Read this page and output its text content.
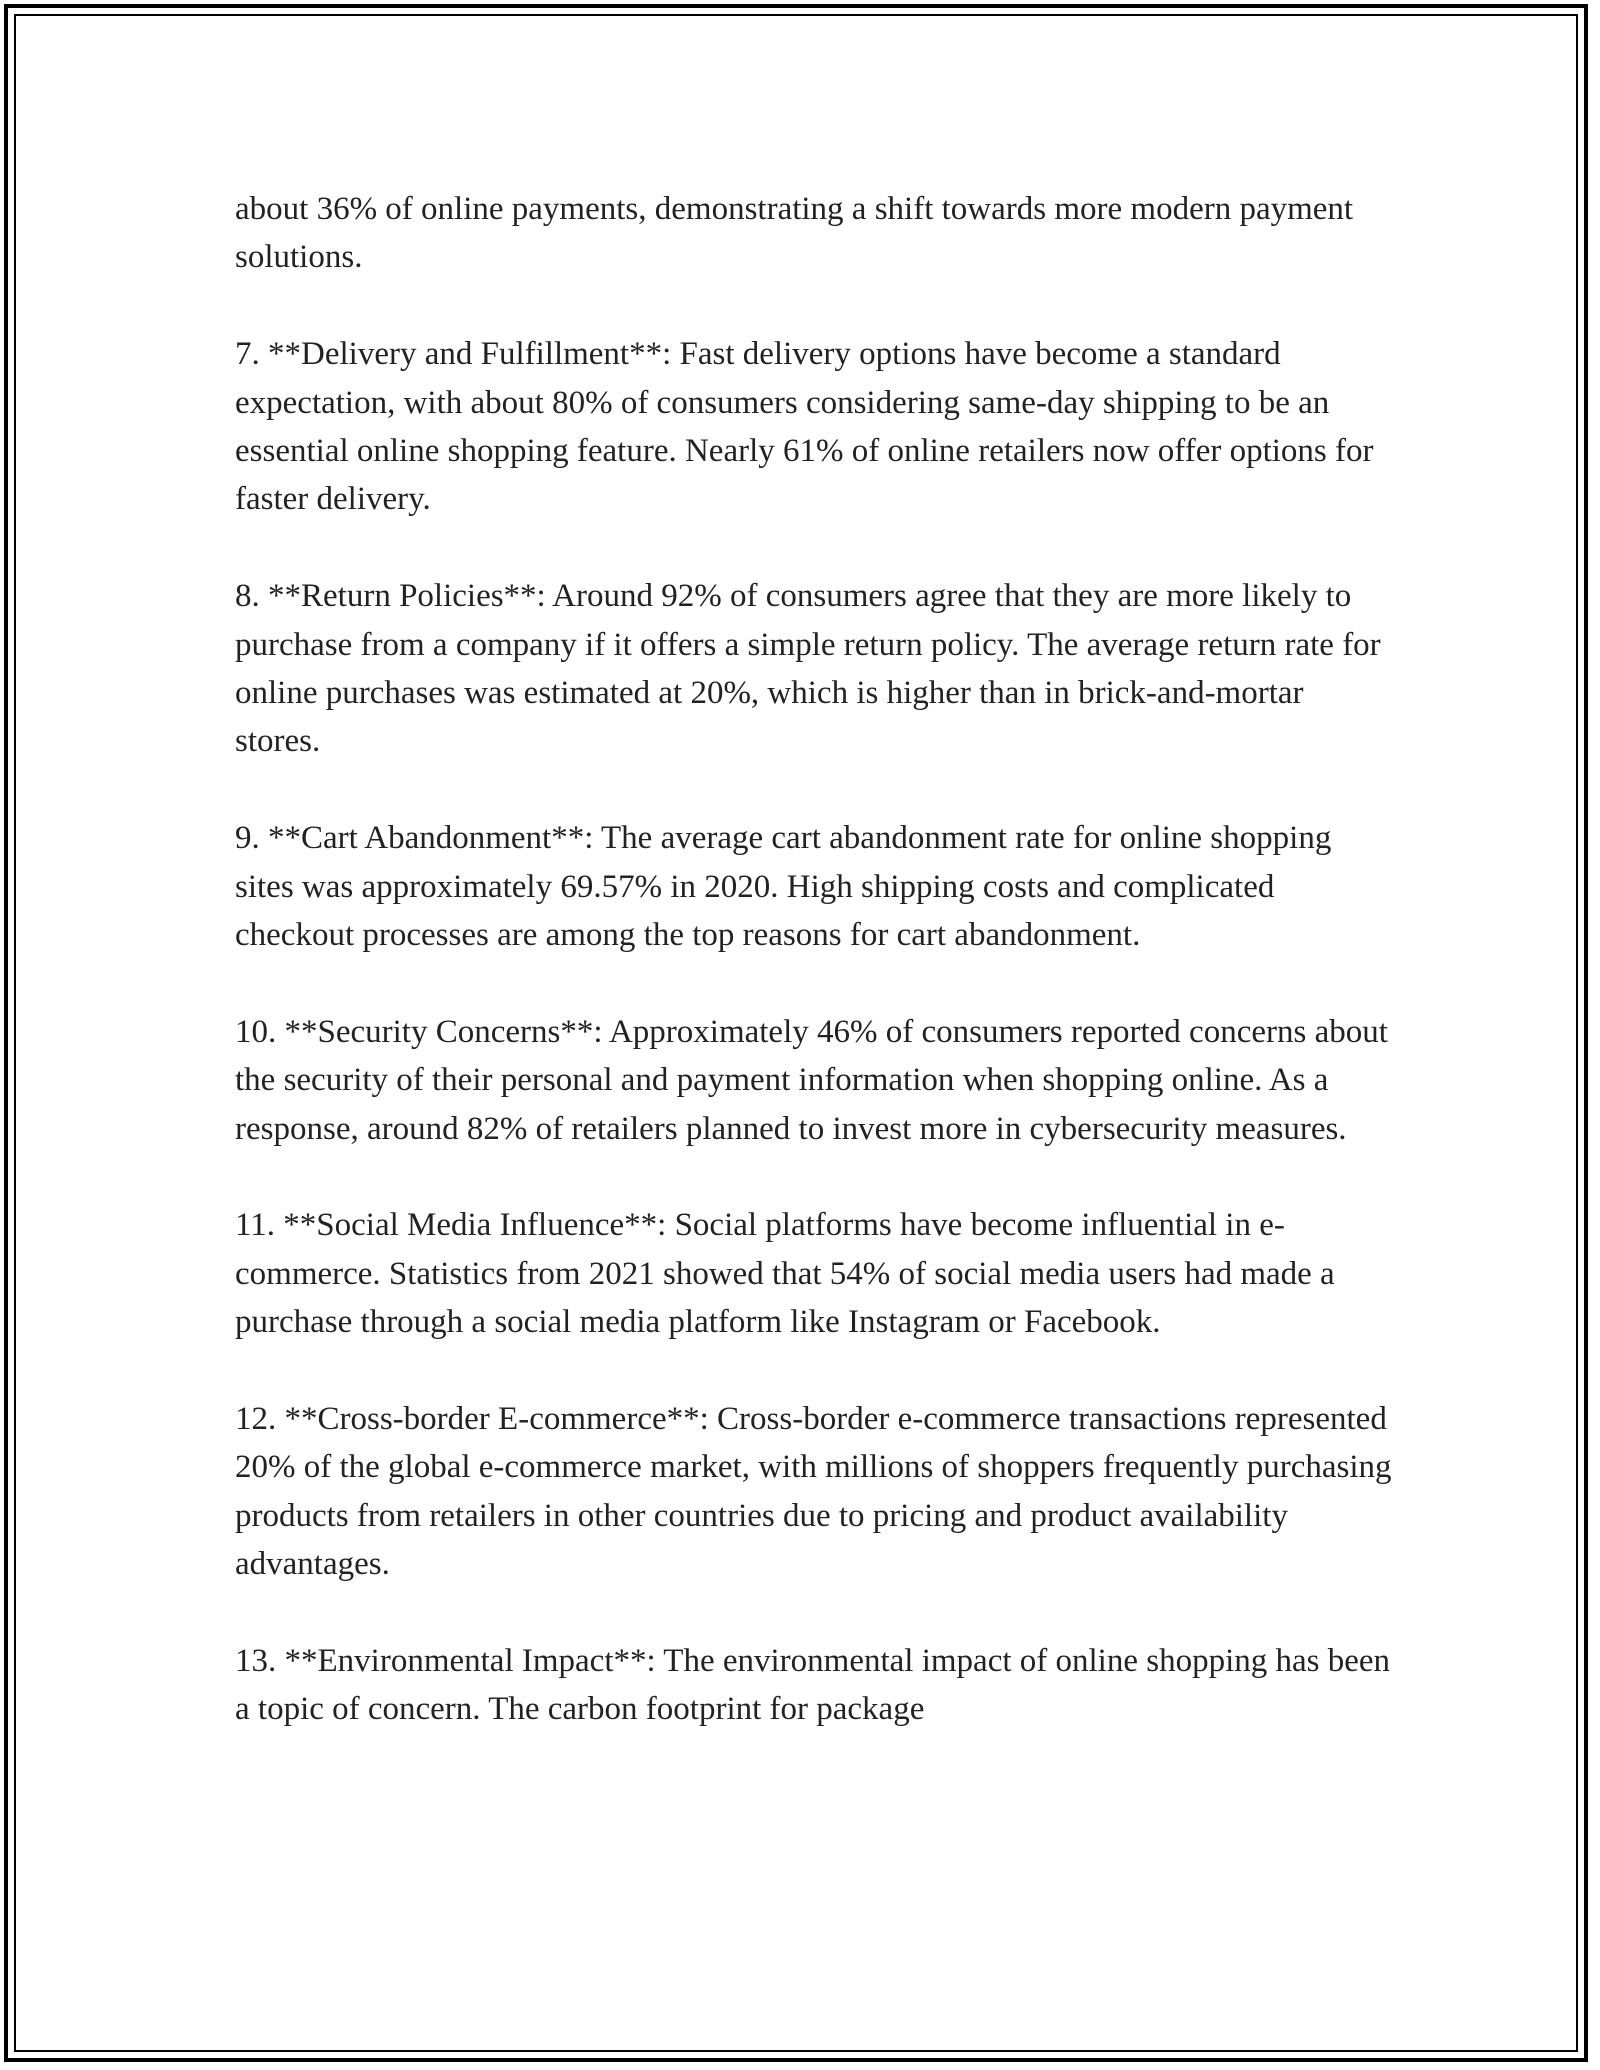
about 36% of online payments, demonstrating a shift towards more modern payment solutions.

7. **Delivery and Fulfillment**: Fast delivery options have become a standard expectation, with about 80% of consumers considering same-day shipping to be an essential online shopping feature. Nearly 61% of online retailers now offer options for faster delivery.

8. **Return Policies**: Around 92% of consumers agree that they are more likely to purchase from a company if it offers a simple return policy. The average return rate for online purchases was estimated at 20%, which is higher than in brick-and-mortar stores.

9. **Cart Abandonment**: The average cart abandonment rate for online shopping sites was approximately 69.57% in 2020. High shipping costs and complicated checkout processes are among the top reasons for cart abandonment.

10. **Security Concerns**: Approximately 46% of consumers reported concerns about the security of their personal and payment information when shopping online. As a response, around 82% of retailers planned to invest more in cybersecurity measures.

11. **Social Media Influence**: Social platforms have become influential in e-commerce. Statistics from 2021 showed that 54% of social media users had made a purchase through a social media platform like Instagram or Facebook.

12. **Cross-border E-commerce**: Cross-border e-commerce transactions represented 20% of the global e-commerce market, with millions of shoppers frequently purchasing products from retailers in other countries due to pricing and product availability advantages.

13. **Environmental Impact**: The environmental impact of online shopping has been a topic of concern. The carbon footprint for package
